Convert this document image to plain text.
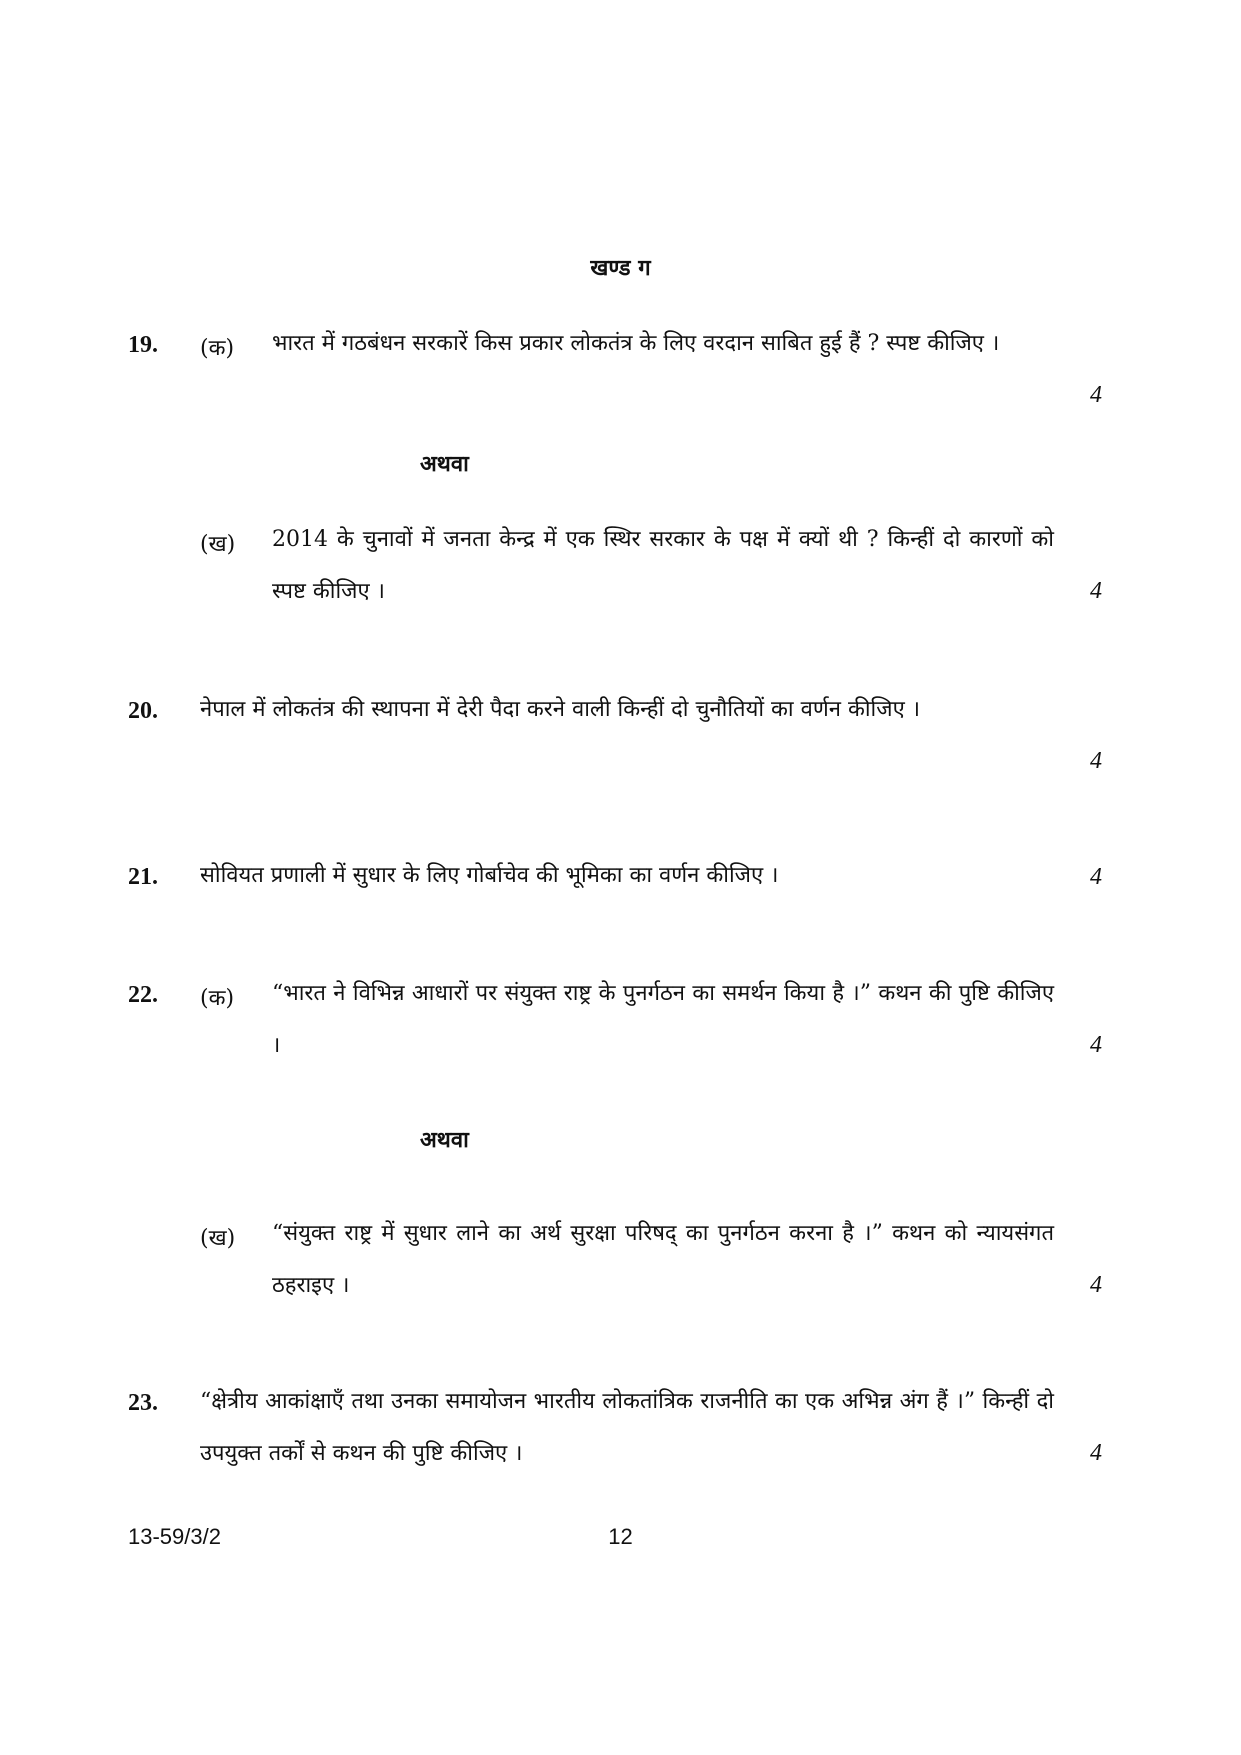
खण्ड ग
19.	(क)	भारत में गठबंधन सरकारें किस प्रकार लोकतंत्र के लिए वरदान साबित हुई हैं ? स्पष्ट कीजिए ।
4
अथवा
(ख)	2014 के चुनावों में जनता केन्द्र में एक स्थिर सरकार के पक्ष में क्यों थी ? किन्हीं दो कारणों को स्पष्ट कीजिए ।	4
20.	नेपाल में लोकतंत्र की स्थापना में देरी पैदा करने वाली किन्हीं दो चुनौतियों का वर्णन कीजिए ।
4
21.	सोवियत प्रणाली में सुधार के लिए गोर्बाचेव की भूमिका का वर्णन कीजिए ।	4
22.	(क)	“भारत ने विभिन्न आधारों पर संयुक्त राष्ट्र के पुनर्गठन का समर्थन किया है ।” कथन की पुष्टि कीजिए ।	4
अथवा
(ख)	“संयुक्त राष्ट्र में सुधार लाने का अर्थ सुरक्षा परिषद् का पुनर्गठन करना है ।” कथन को न्यायसंगत ठहराइए ।	4
23.	“क्षेत्रीय आकांक्षाएँ तथा उनका समायोजन भारतीय लोकतांत्रिक राजनीति का एक अभिन्न अंग हैं ।” किन्हीं दो उपयुक्त तर्कों से कथन की पुष्टि कीजिए ।	4
13-59/3/2	12
